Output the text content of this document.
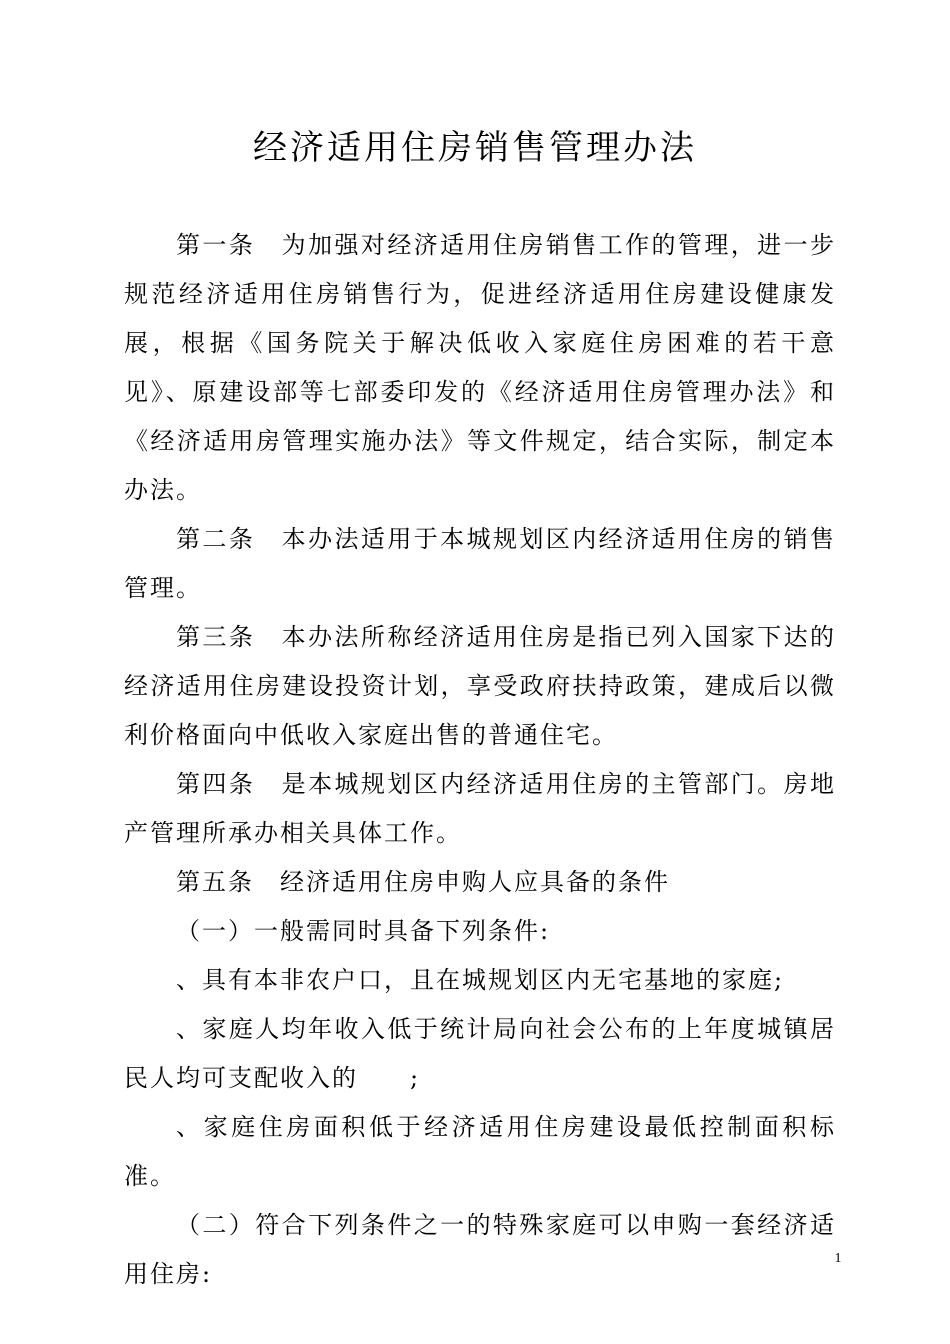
经济适用住房销售管理办法

第一条　为加强对经济适用住房销售工作的管理，进一步规范经济适用住房销售行为，促进经济适用住房建设健康发展，根据《国务院关于解决低收入家庭住房困难的若干意见》、原建设部等七部委印发的《经济适用住房管理办法》和《经济适用房管理实施办法》等文件规定，结合实际，制定本办法。

第二条　本办法适用于本城规划区内经济适用住房的销售管理。

第三条　本办法所称经济适用住房是指已列入国家下达的经济适用住房建设投资计划，享受政府扶持政策，建成后以微利价格面向中低收入家庭出售的普通住宅。

第四条　是本城规划区内经济适用住房的主管部门。房地产管理所承办相关具体工作。

第五条　经济适用住房申购人应具备的条件

（一）一般需同时具备下列条件:

、具有本非农户口，且在城规划区内无宅基地的家庭;

、家庭人均年收入低于统计局向社会公布的上年度城镇居民人均可支配收入的　　;

、家庭住房面积低于经济适用住房建设最低控制面积标准。

（二）符合下列条件之一的特殊家庭可以申购一套经济适用住房:

1
